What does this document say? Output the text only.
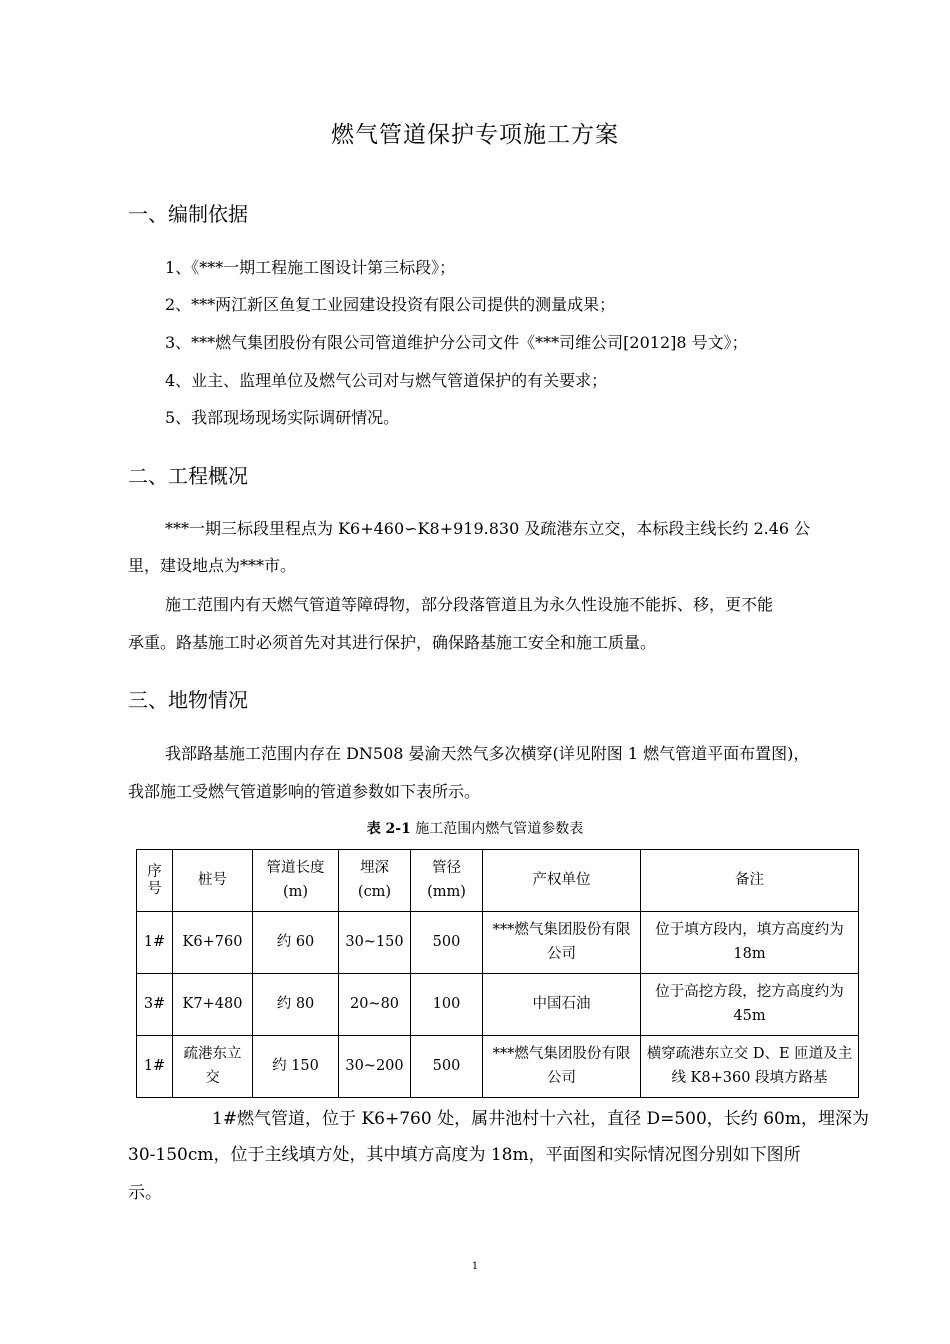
燃气管道保护专项施工方案
一、编制依据
1、《***一期工程施工图设计第三标段》；
2、***两江新区鱼复工业园建设投资有限公司提供的测量成果；
3、***燃气集团股份有限公司管道维护分公司文件《***司维公司[2012]8 号文》；
4、业主、监理单位及燃气公司对与燃气管道保护的有关要求；
5、我部现场现场实际调研情况。
二、工程概况
***一期三标段里程点为 K6+460∽K8+919.830 及疏港东立交，本标段主线长约 2.46 公
里，建设地点为***市。
施工范围内有天燃气管道等障碍物，部分段落管道且为永久性设施不能拆、移，更不能
承重。路基施工时必须首先对其进行保护，确保路基施工安全和施工质量。
三、地物情况
我部路基施工范围内存在 DN508 晏渝天然气多次横穿(详见附图 1 燃气管道平面布置图)，
我部施工受燃气管道影响的管道参数如下表所示。
表 2-1 施工范围内燃气管道参数表
序号	桩号	管道长度(m)	埋深(cm)	管径(mm)	产权单位	备注
1#	K6+760	约 60	30~150	500	***燃气集团股份有限公司	位于填方段内，填方高度约为 18m
3#	K7+480	约 80	20~80	100	中国石油	位于高挖方段，挖方高度约为 45m
1#	疏港东立交	约 150	30~200	500	***燃气集团股份有限公司	横穿疏港东立交 D、E 匝道及主线 K8+360 段填方路基
1#燃气管道，位于 K6+760 处，属井池村十六社，直径 D=500，长约 60m，埋深为
30-150cm，位于主线填方处，其中填方高度为 18m，平面图和实际情况图分别如下图所
示。
1
